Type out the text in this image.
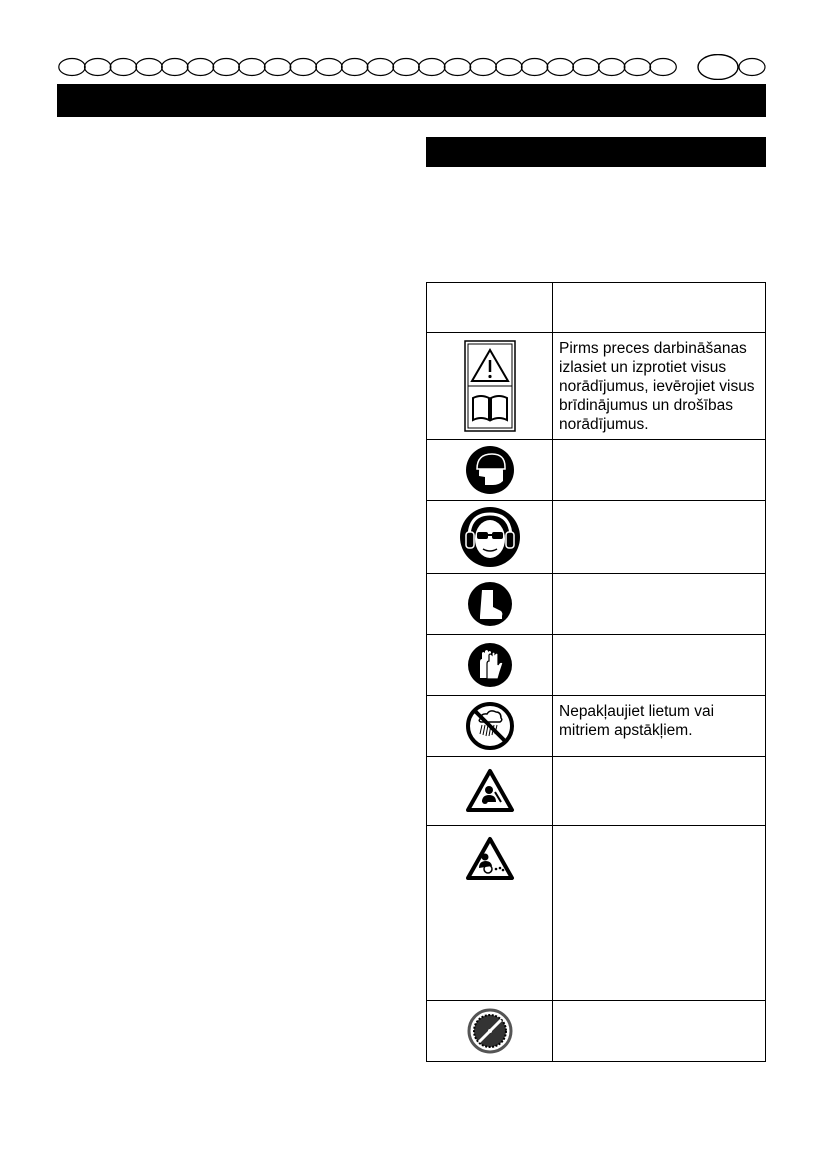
	Pirms preces darbināšanas izlasiet un izprotiet visus norādījumus, ievērojiet visus brīdinājumus un drošības norādījumus.

	Nepakļaujiet lietum vai mitriem apstākļiem.
